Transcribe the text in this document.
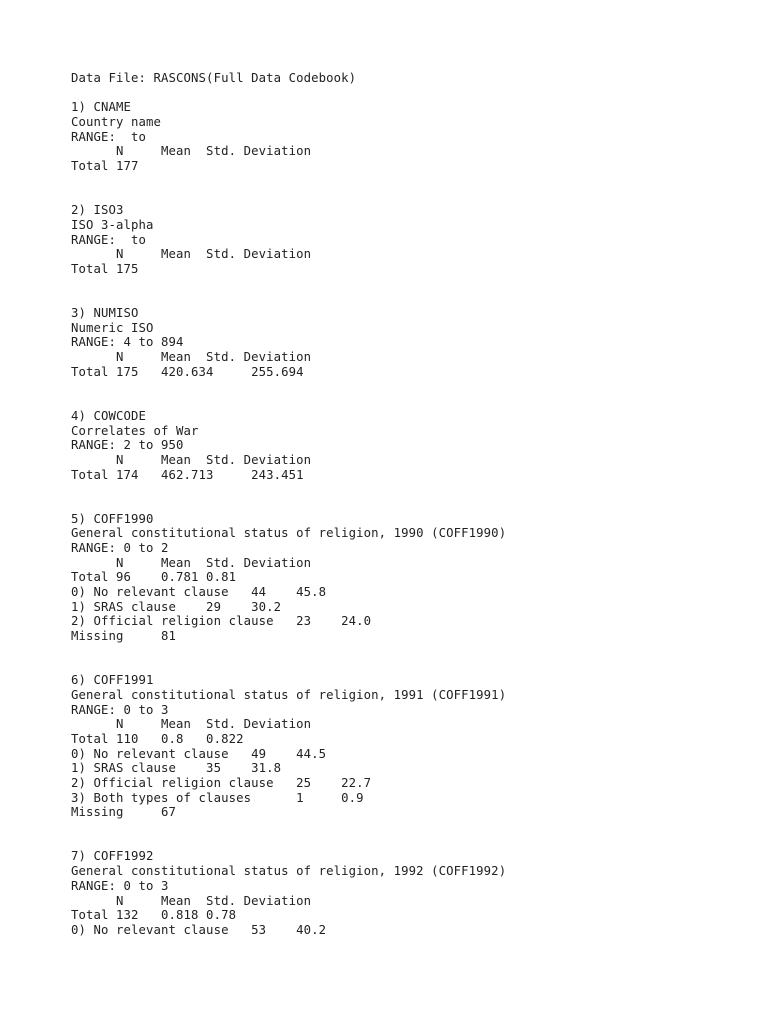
Data File: RASCONS(Full Data Codebook)
1) CNAME
Country name
RANGE:  to
N     Mean  Std. Deviation
Total 177
2) ISO3
ISO 3-alpha
RANGE:  to
N     Mean  Std. Deviation
Total 175
3) NUMISO
Numeric ISO
RANGE: 4 to 894
N     Mean  Std. Deviation
Total 175   420.634     255.694
4) COWCODE
Correlates of War
RANGE: 2 to 950
N     Mean  Std. Deviation
Total 174   462.713     243.451
5) COFF1990
General constitutional status of religion, 1990 (COFF1990)
RANGE: 0 to 2
N     Mean  Std. Deviation
Total 96    0.781 0.81
0) No relevant clause   44    45.8
1) SRAS clause    29    30.2
2) Official religion clause   23    24.0
Missing     81
6) COFF1991
General constitutional status of religion, 1991 (COFF1991)
RANGE: 0 to 3
N     Mean  Std. Deviation
Total 110   0.8   0.822
0) No relevant clause   49    44.5
1) SRAS clause    35    31.8
2) Official religion clause   25    22.7
3) Both types of clauses      1     0.9
Missing     67
7) COFF1992
General constitutional status of religion, 1992 (COFF1992)
RANGE: 0 to 3
N     Mean  Std. Deviation
Total 132   0.818 0.78
0) No relevant clause   53    40.2
